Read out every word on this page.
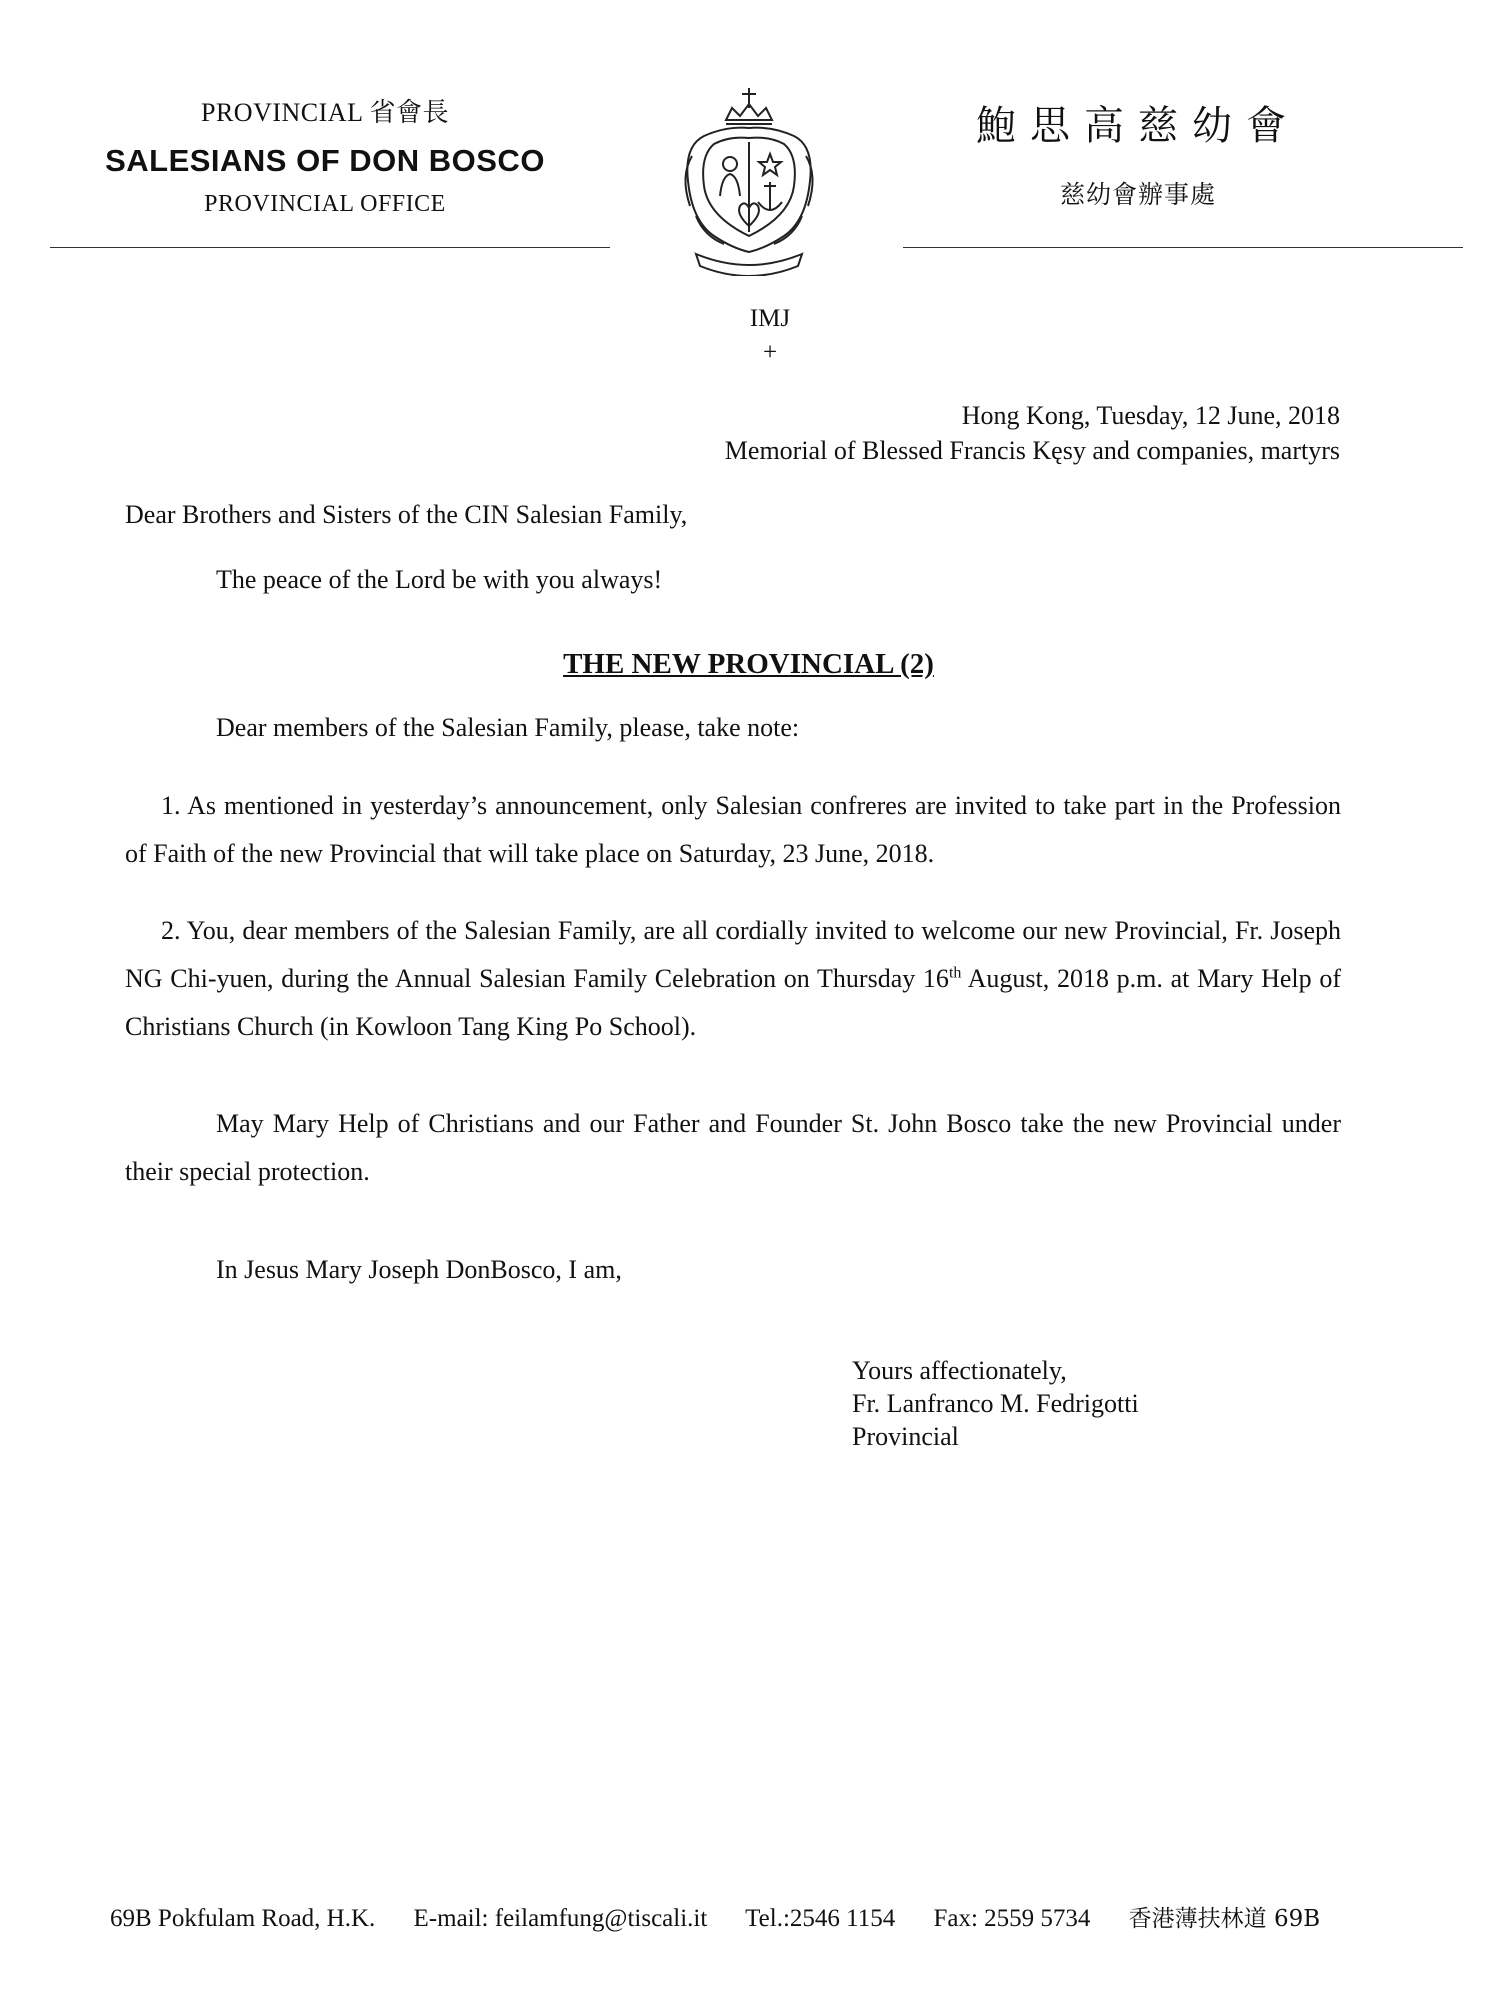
PROVINCIAL 省會長
SALESIANS OF DON BOSCO
PROVINCIAL OFFICE
鮑思高慈幼會
慈幼會辦事處
IMJ
+
Hong Kong, Tuesday, 12 June, 2018
Memorial of Blessed Francis Kęsy and companies, martyrs
Dear Brothers and Sisters of the CIN Salesian Family,
The peace of the Lord be with you always!
THE NEW PROVINCIAL (2)
Dear members of the Salesian Family, please, take note:
1. As mentioned in yesterday’s announcement, only Salesian confreres are invited to take part in the Profession of Faith of the new Provincial that will take place on Saturday, 23 June, 2018.
2. You, dear members of the Salesian Family, are all cordially invited to welcome our new Provincial, Fr. Joseph NG Chi-yuen, during the Annual Salesian Family Celebration on Thursday 16th August, 2018 p.m. at Mary Help of Christians Church (in Kowloon Tang King Po School).
May Mary Help of Christians and our Father and Founder St. John Bosco take the new Provincial under their special protection.
In Jesus Mary Joseph DonBosco, I am,
Yours affectionately,
Fr. Lanfranco M. Fedrigotti
Provincial
69B Pokfulam Road, H.K. E-mail: feilamfung@tiscali.it Tel.:2546 1154 Fax: 2559 5734 香港薄扶林道 69B
